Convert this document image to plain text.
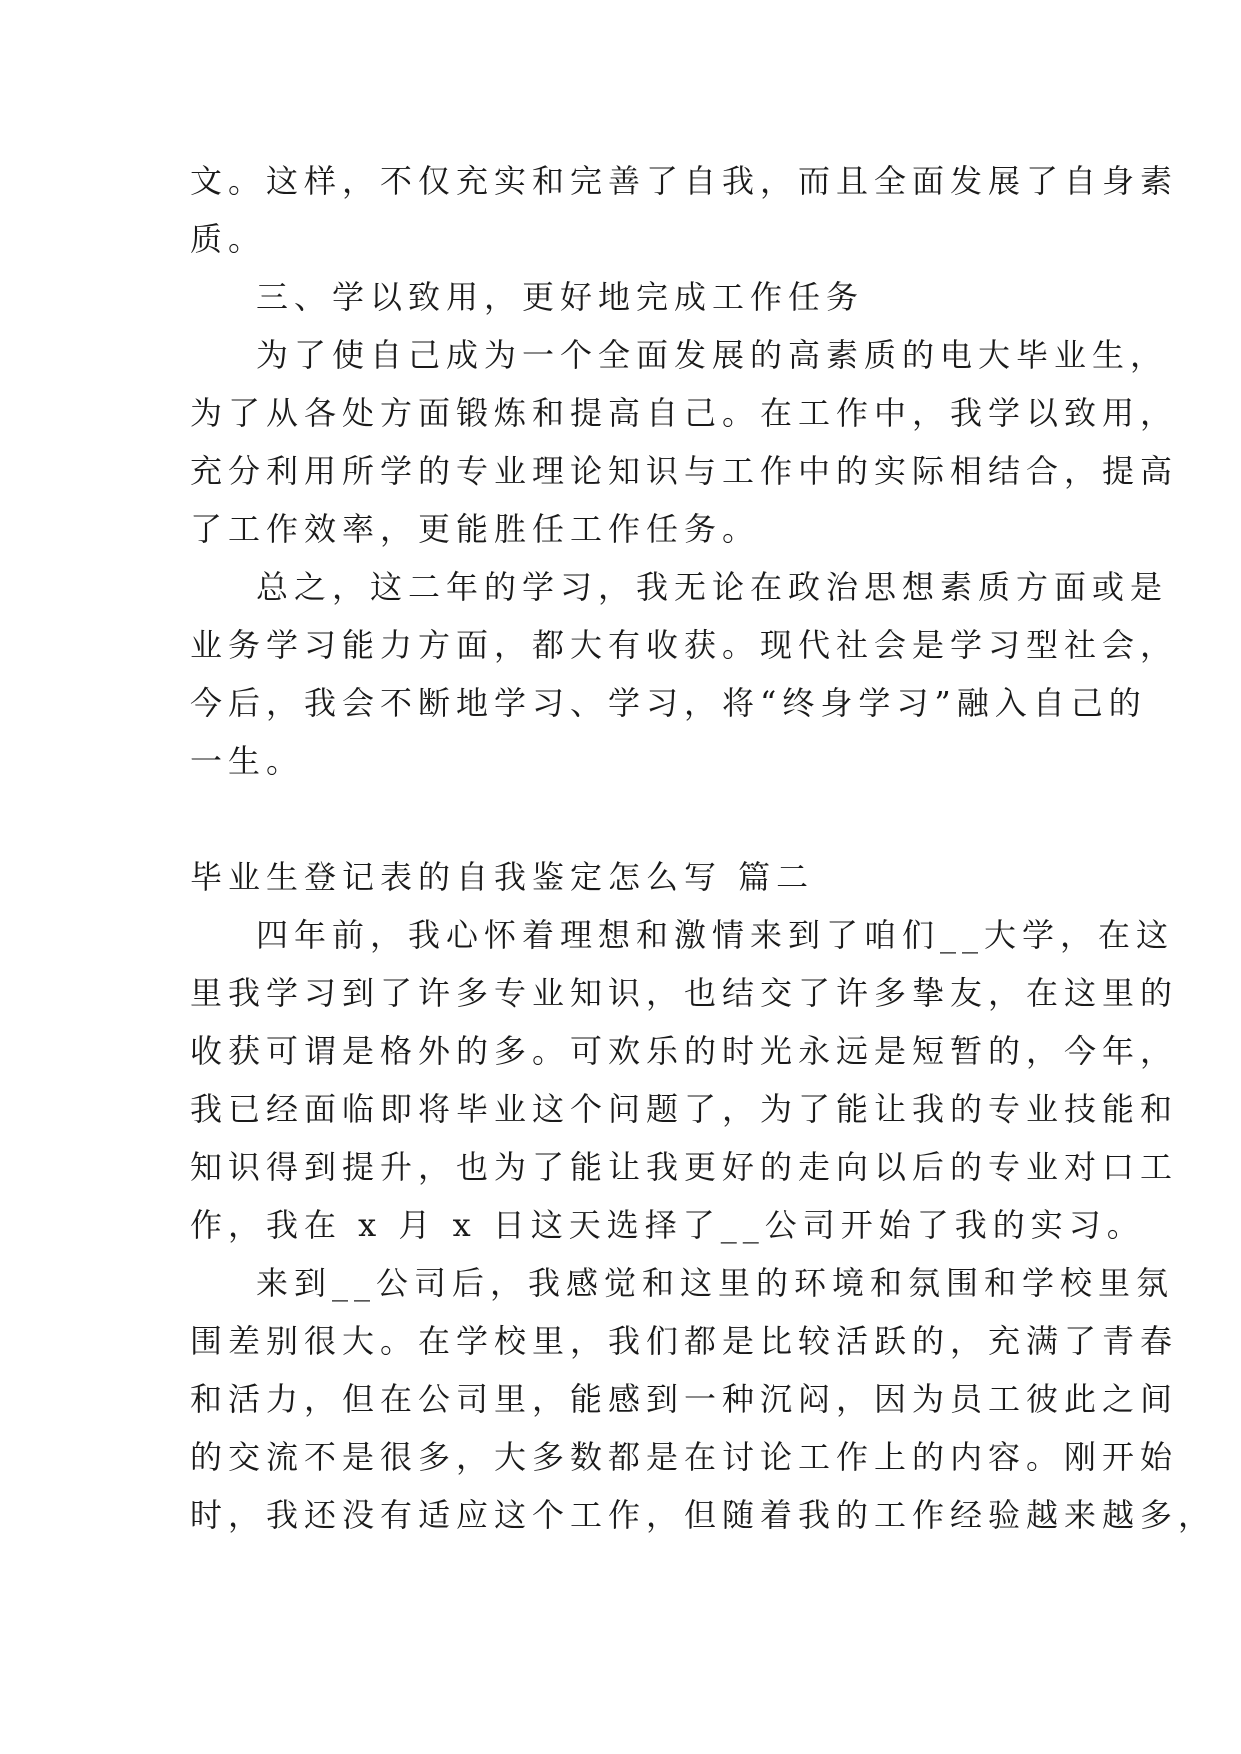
文。这样，不仅充实和完善了自我，而且全面发展了自身素
质。
三、学以致用，更好地完成工作任务
为了使自己成为一个全面发展的高素质的电大毕业生，
为了从各处方面锻炼和提高自己。在工作中，我学以致用，
充分利用所学的专业理论知识与工作中的实际相结合，提高
了工作效率，更能胜任工作任务。
总之，这二年的学习，我无论在政治思想素质方面或是
业务学习能力方面，都大有收获。现代社会是学习型社会，
今后，我会不断地学习、学习，将“终身学习”融入自己的
一生。
毕业生登记表的自我鉴定怎么写 篇二
四年前，我心怀着理想和激情来到了咱们__大学，在这
里我学习到了许多专业知识，也结交了许多挚友，在这里的
收获可谓是格外的多。可欢乐的时光永远是短暂的，今年，
我已经面临即将毕业这个问题了，为了能让我的专业技能和
知识得到提升，也为了能让我更好的走向以后的专业对口工
作，我在 x 月 x 日这天选择了__公司开始了我的实习。
来到__公司后，我感觉和这里的环境和氛围和学校里氛
围差别很大。在学校里，我们都是比较活跃的，充满了青春
和活力，但在公司里，能感到一种沉闷，因为员工彼此之间
的交流不是很多，大多数都是在讨论工作上的内容。刚开始
时，我还没有适应这个工作，但随着我的工作经验越来越多，
